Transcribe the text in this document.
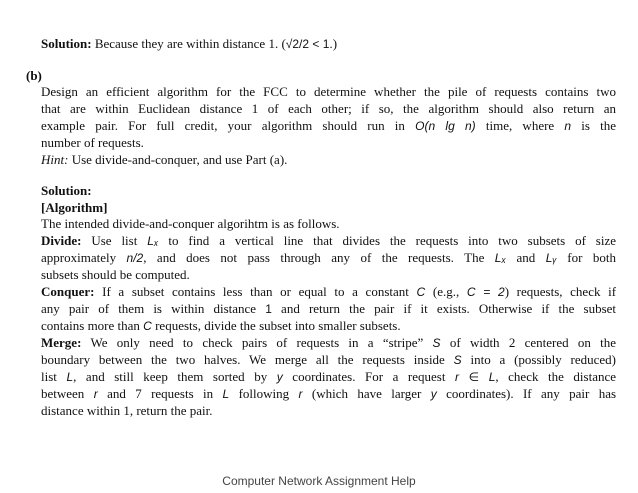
Solution: Because they are within distance 1. (√2/2 < 1.)
(b)
Design an efficient algorithm for the FCC to determine whether the pile of requests contains two
that are within Euclidean distance 1 of each other; if so, the algorithm should also return an
example pair. For full credit, your algorithm should run in O(n lg n) time, where n is the
number of requests.
Hint: Use divide-and-conquer, and use Part (a).
Solution:
[Algorithm]
The intended divide-and-conquer algorihtm is as follows.
Divide: Use list Lₓ to find a vertical line that divides the requests into two subsets of size
approximately n/2, and does not pass through any of the requests. The Lₓ and Lᵧ for both
subsets should be computed.
Conquer: If a subset contains less than or equal to a constant C (e.g., C = 2) requests, check if
any pair of them is within distance 1 and return the pair if it exists. Otherwise if the subset
contains more than C requests, divide the subset into smaller subsets.
Merge: We only need to check pairs of requests in a “stripe” S of width 2 centered on the
boundary between the two halves. We merge all the requests inside S into a (possibly reduced)
list L, and still keep them sorted by y coordinates. For a request r ∈ L, check the distance
between r and 7 requests in L following r (which have larger y coordinates). If any pair has
distance within 1, return the pair.
Computer Network Assignment Help
